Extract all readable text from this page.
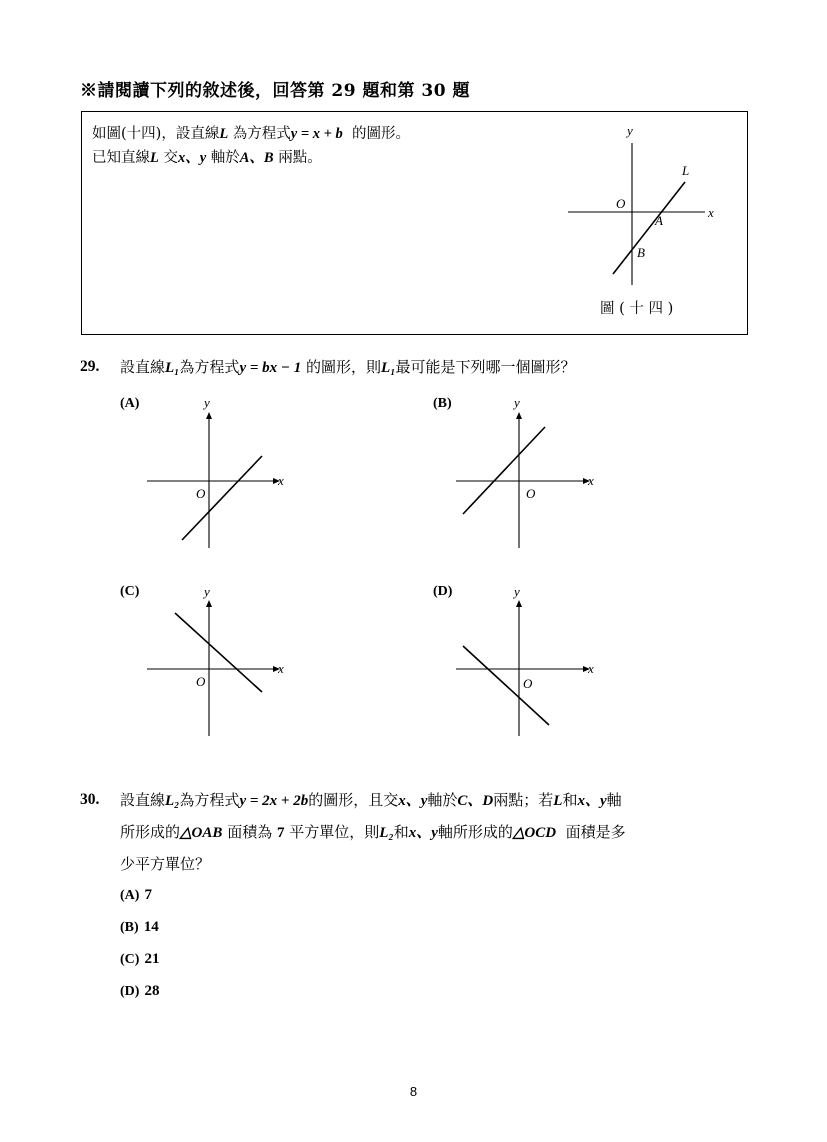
※請閱讀下列的敘述後，回答第 29 題和第 30 題
如圖(十四)，設直線L 為方程式y = x + b 的圖形。
已知直線L 交x、y 軸於A、B 兩點。
y
x
L
O
A
B
圖 ( 十 四 )
29. 設直線L₁為方程式y = bx − 1 的圖形，則L₁最可能是下列哪一個圖形？
(A)	(B)
(C)	(D)
y
x
O
y
x
O
y
x
O
y
x
O
30. 設直線L₂為方程式y = 2x + 2b的圖形，且交x、y軸於C、D兩點；若L和x、y軸
所形成的△OAB 面積為 7 平方單位，則L₂和x、y軸所形成的△OCD 面積是多
少平方單位？
(A) 7
(B) 14
(C) 21
(D) 28
8
